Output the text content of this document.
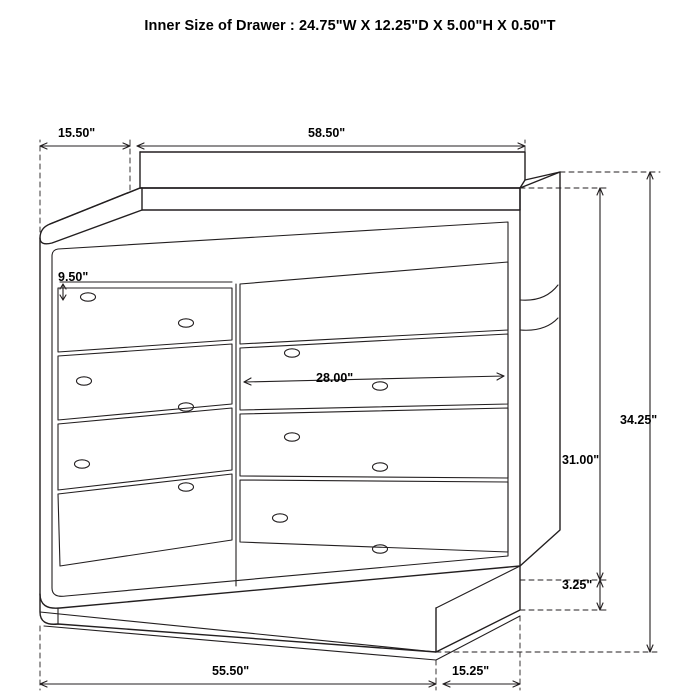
Inner Size of Drawer : 24.75"W X 12.25"D X 5.00"H X 0.50"T
15.50"	58.50"
9.50"
28.00"
34.25"
31.00"
3.25"
55.50"	15.25"
